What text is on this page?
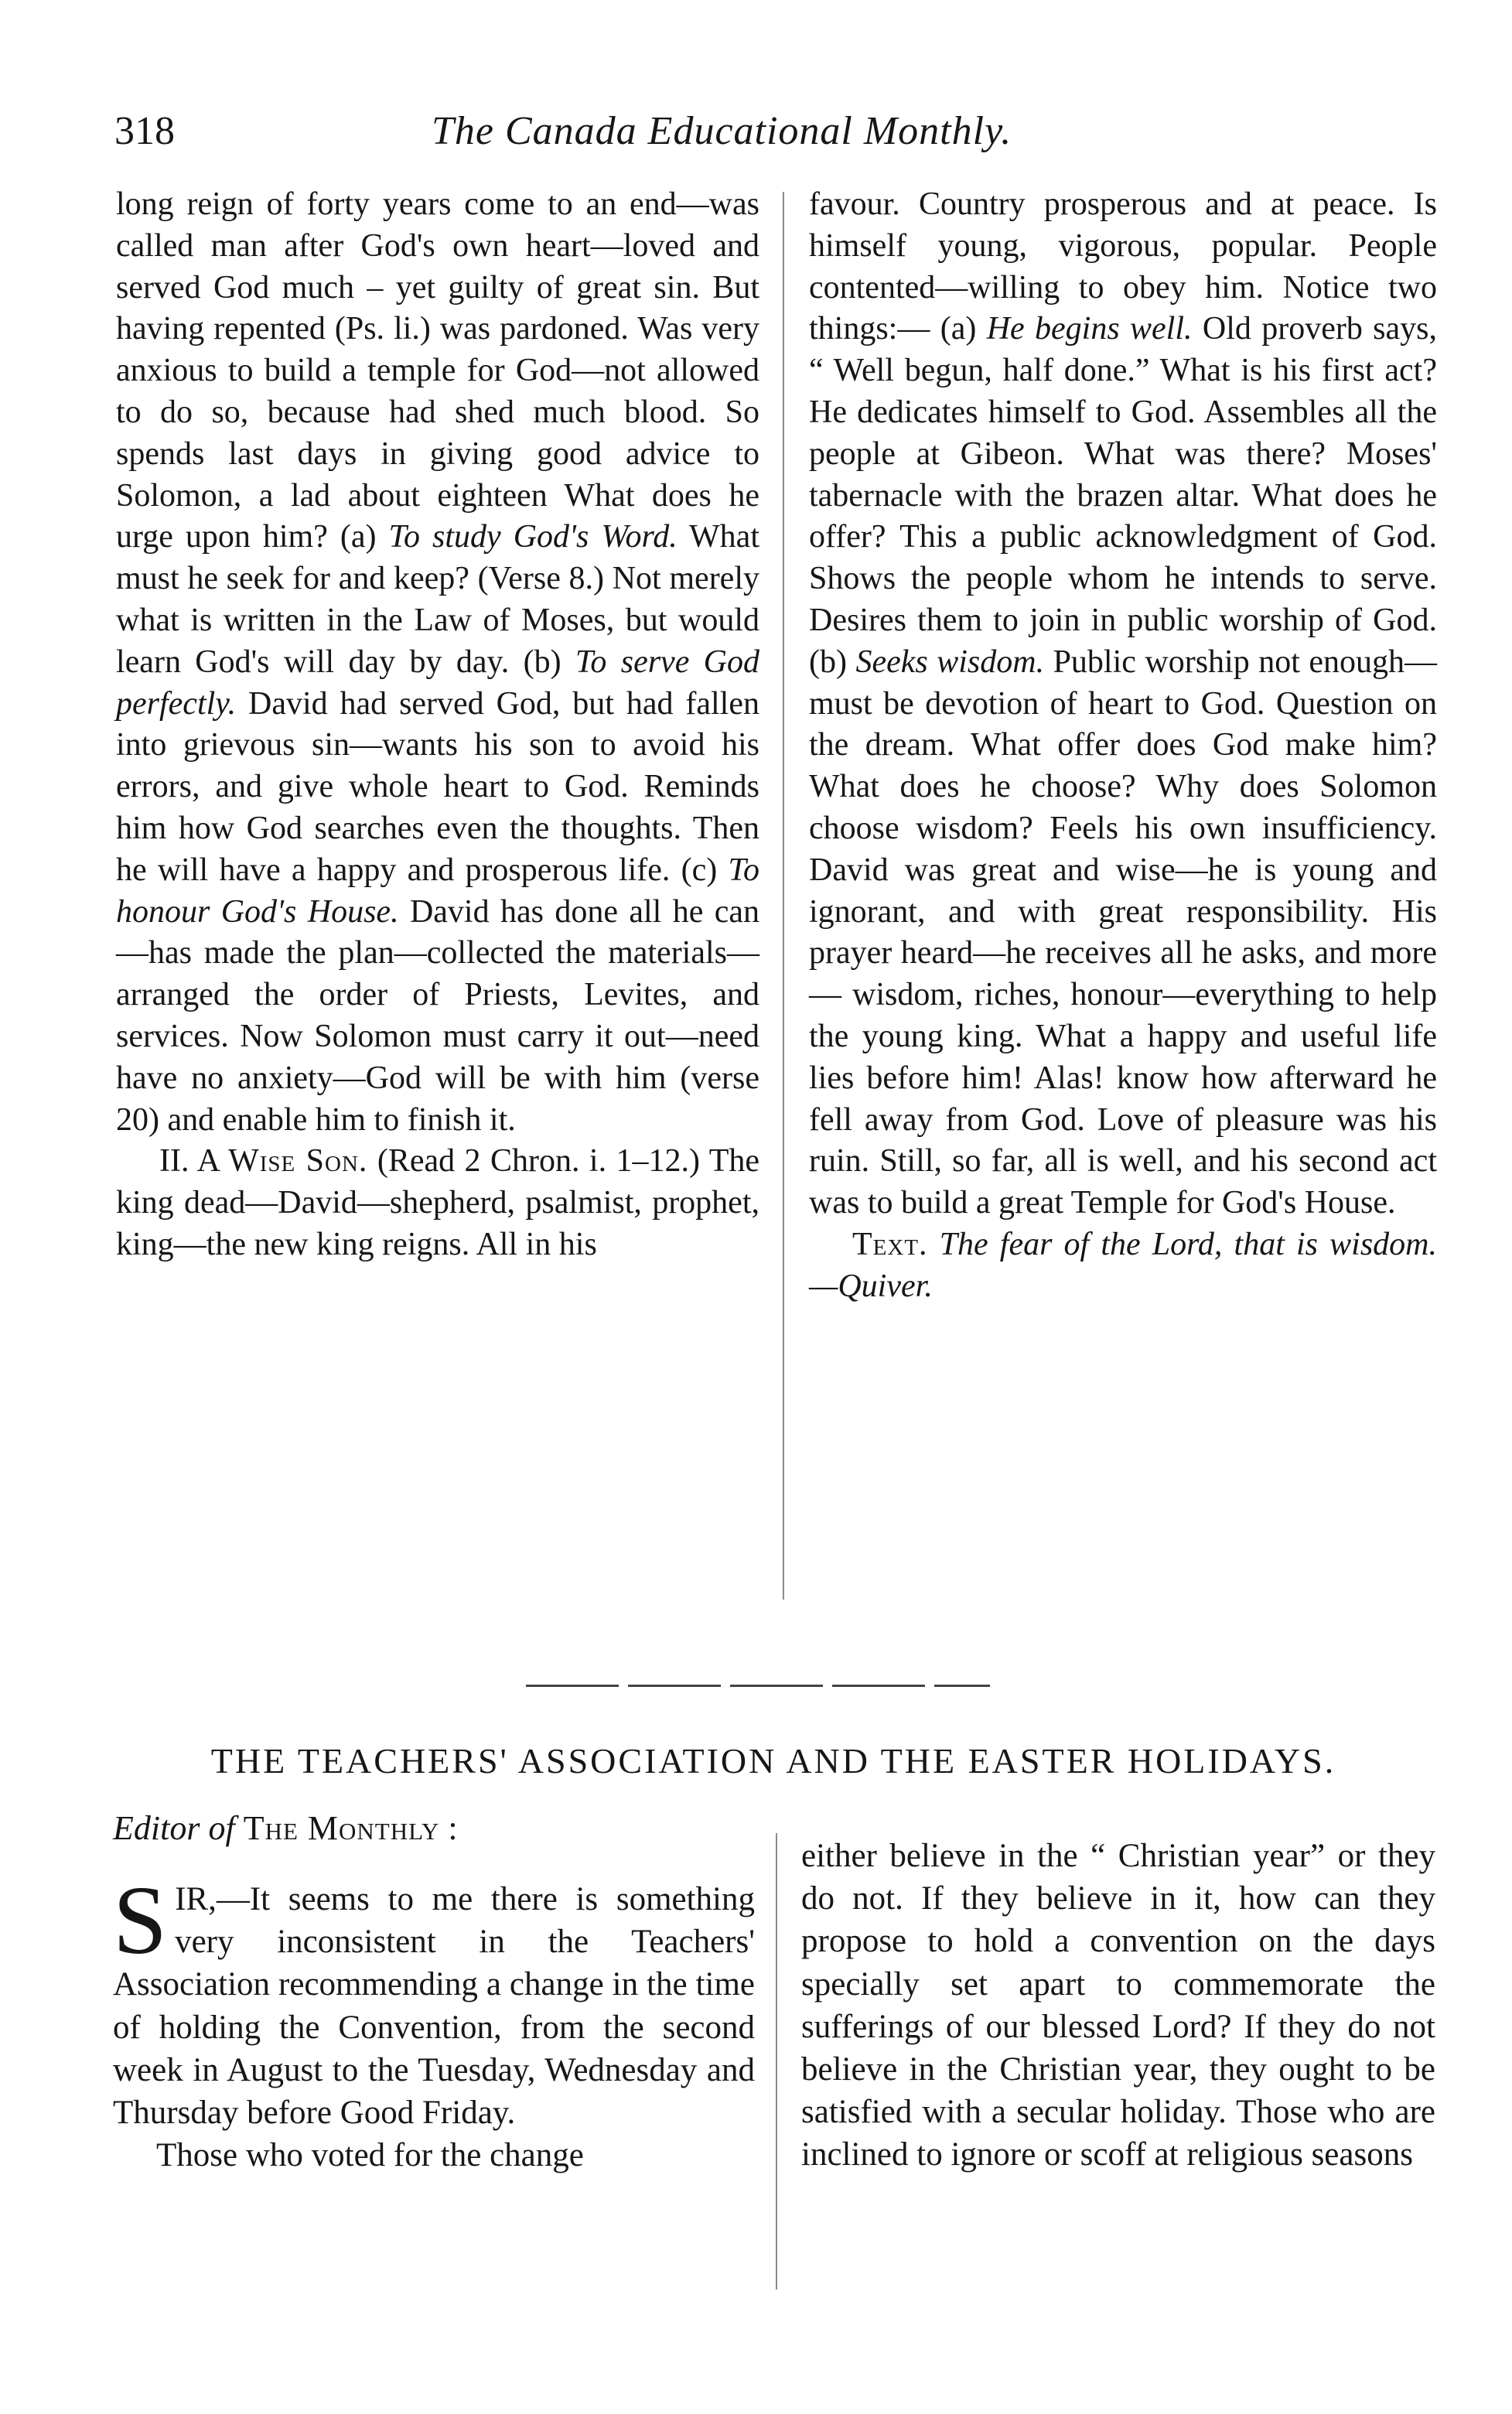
318	The Canada Educational Monthly.

long reign of forty years come to an end—was called man after God's own heart—loved and served God much – yet guilty of great sin. But having repented (Ps. li.) was pardoned. Was very anxious to build a temple for God—not allowed to do so, because had shed much blood. So spends last days in giving good advice to Solomon, a lad about eighteen What does he urge upon him? (a) To study God's Word. What must he seek for and keep? (Verse 8.) Not merely what is written in the Law of Moses, but would learn God's will day by day. (b) To serve God perfectly. David had served God, but had fallen into grievous sin—wants his son to avoid his errors, and give whole heart to God. Reminds him how God searches even the thoughts. Then he will have a happy and prosperous life. (c) To honour God's House. David has done all he can—has made the plan—collected the materials—arranged the order of Priests, Levites, and services. Now Solomon must carry it out—need have no anxiety—God will be with him (verse 20) and enable him to finish it.

II. A Wise Son. (Read 2 Chron. i. 1–12.) The king dead—David—shepherd, psalmist, prophet, king—the new king reigns. All in his

favour. Country prosperous and at peace. Is himself young, vigorous, popular. People contented—willing to obey him. Notice two things:— (a) He begins well. Old proverb says, “ Well begun, half done.” What is his first act? He dedicates himself to God. Assembles all the people at Gibeon. What was there? Moses' tabernacle with the brazen altar. What does he offer? This a public acknowledgment of God. Shows the people whom he intends to serve. Desires them to join in public worship of God. (b) Seeks wisdom. Public worship not enough—must be devotion of heart to God. Question on the dream. What offer does God make him? What does he choose? Why does Solomon choose wisdom? Feels his own insufficiency. David was great and wise—he is young and ignorant, and with great responsibility. His prayer heard—he receives all he asks, and more — wisdom, riches, honour—everything to help the young king. What a happy and useful life lies before him! Alas! know how afterward he fell away from God. Love of pleasure was his ruin. Still, so far, all is well, and his second act was to build a great Temple for God's House.

Text. The fear of the Lord, that is wisdom.—Quiver.

THE TEACHERS' ASSOCIATION AND THE EASTER HOLIDAYS.
Editor of The Monthly :

SIR,—It seems to me there is something very inconsistent in the Teachers' Association recommending a change in the time of holding the Convention, from the second week in August to the Tuesday, Wednesday and Thursday before Good Friday.

Those who voted for the change

either believe in the “ Christian year” or they do not. If they believe in it, how can they propose to hold a convention on the days specially set apart to commemorate the sufferings of our blessed Lord? If they do not believe in the Christian year, they ought to be satisfied with a secular holiday. Those who are inclined to ignore or scoff at religious seasons
